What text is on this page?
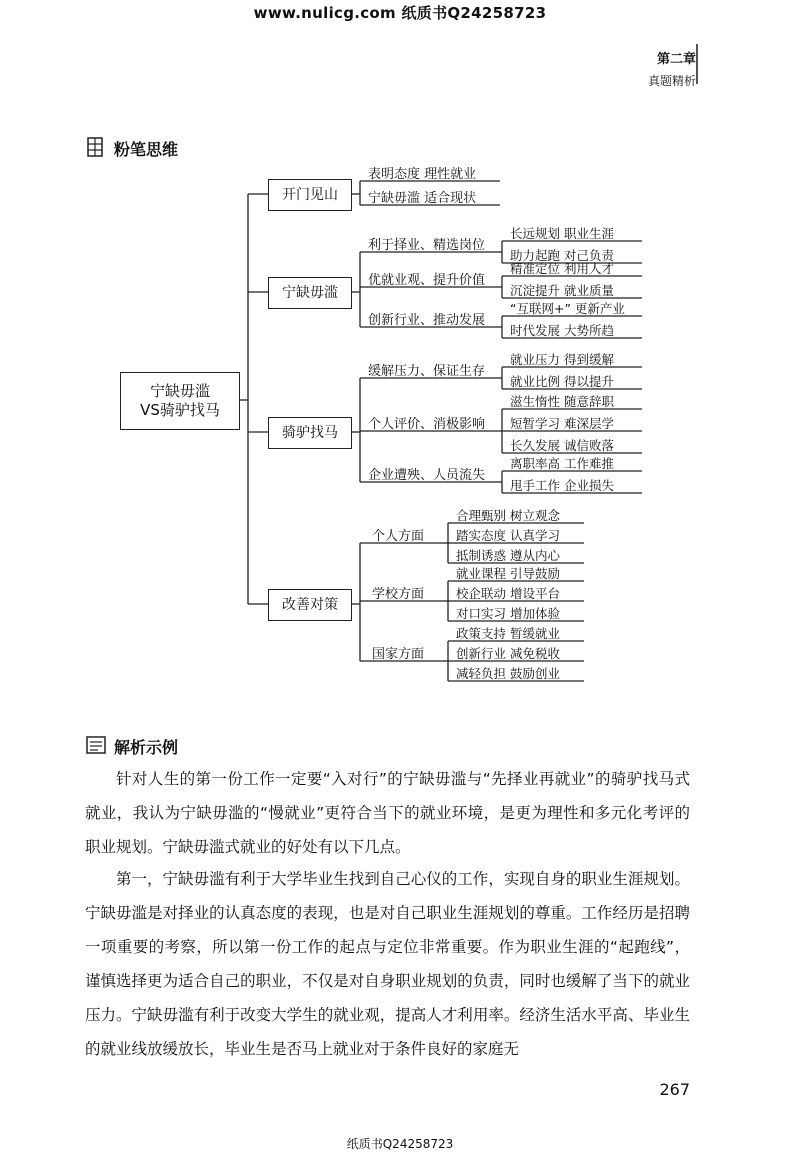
www.nulicg.com 纸质书Q24258723
第二章
真题精析
粉笔思维
宁缺毋滥
VS骑驴找马
开门见山
表明态度 理性就业
宁缺毋滥 适合现状
宁缺毋滥
利于择业、精选岗位
长远规划 职业生涯
助力起跑 对己负责
优就业观、提升价值
精准定位 利用人才
沉淀提升 就业质量
创新行业、推动发展
“互联网+” 更新产业
时代发展 大势所趋
骑驴找马
缓解压力、保证生存
就业压力 得到缓解
就业比例 得以提升
个人评价、消极影响
滋生惰性 随意辞职
短暂学习 难深层学
长久发展 诚信败落
企业遭殃、人员流失
离职率高 工作难推
甩手工作 企业损失
改善对策
个人方面
合理甄别 树立观念
踏实态度 认真学习
抵制诱惑 遵从内心
学校方面
就业课程 引导鼓励
校企联动 增设平台
对口实习 增加体验
国家方面
政策支持 暂缓就业
创新行业 减免税收
减轻负担 鼓励创业
解析示例
针对人生的第一份工作一定要“入对行”的宁缺毋滥与“先择业再就业”的骑驴找马式就业，我认为宁缺毋滥的“慢就业”更符合当下的就业环境，是更为理性和多元化考评的职业规划。宁缺毋滥式就业的好处有以下几点。
第一，宁缺毋滥有利于大学毕业生找到自己心仪的工作，实现自身的职业生涯规划。宁缺毋滥是对择业的认真态度的表现，也是对自己职业生涯规划的尊重。工作经历是招聘一项重要的考察，所以第一份工作的起点与定位非常重要。作为职业生涯的“起跑线”，谨慎选择更为适合自己的职业，不仅是对自身职业规划的负责，同时也缓解了当下的就业压力。宁缺毋滥有利于改变大学生的就业观，提高人才利用率。经济生活水平高、毕业生的就业线放缓放长，毕业生是否马上就业对于条件良好的家庭无
267
纸质书Q24258723
